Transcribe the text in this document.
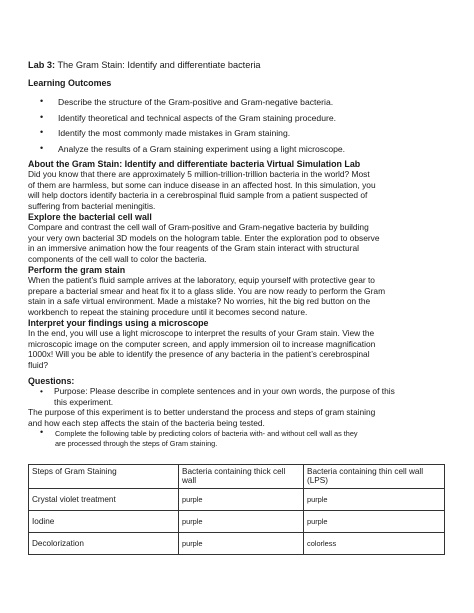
Lab 3: The Gram Stain: Identify and differentiate bacteria
Learning Outcomes
• Describe the structure of the Gram-positive and Gram-negative bacteria.
• Identify theoretical and technical aspects of the Gram staining procedure.
• Identify the most commonly made mistakes in Gram staining.
• Analyze the results of a Gram staining experiment using a light microscope.
About the Gram Stain: Identify and differentiate bacteria Virtual Simulation Lab
Did you know that there are approximately 5 million-trillion-trillion bacteria in the world? Most
of them are harmless, but some can induce disease in an affected host. In this simulation, you
will help doctors identify bacteria in a cerebrospinal fluid sample from a patient suspected of
suffering from bacterial meningitis.
Explore the bacterial cell wall
Compare and contrast the cell wall of Gram-positive and Gram-negative bacteria by building
your very own bacterial 3D models on the hologram table. Enter the exploration pod to observe
in an immersive animation how the four reagents of the Gram stain interact with structural
components of the cell wall to color the bacteria.
Perform the gram stain
When the patient’s fluid sample arrives at the laboratory, equip yourself with protective gear to
prepare a bacterial smear and heat fix it to a glass slide. You are now ready to perform the Gram
stain in a safe virtual environment. Made a mistake? No worries, hit the big red button on the
workbench to repeat the staining procedure until it becomes second nature.
Interpret your findings using a microscope
In the end, you will use a light microscope to interpret the results of your Gram stain. View the
microscopic image on the computer screen, and apply immersion oil to increase magnification
1000x! Will you be able to identify the presence of any bacteria in the patient’s cerebrospinal
fluid?
Questions:
•	Purpose: Please describe in complete sentences and in your own words, the purpose of this
this experiment.
The purpose of this experiment is to better understand the process and steps of gram staining
and how each step affects the stain of the bacteria being tested.
•	Complete the following table by predicting colors of bacteria with- and without cell wall as they
are processed through the steps of Gram staining.
Steps of Gram Staining	Bacteria containing thick cell wall	Bacteria containing thin cell wall (LPS)
Crystal violet treatment	purple	purple
Iodine	purple	purple
Decolorization	purple	colorless
